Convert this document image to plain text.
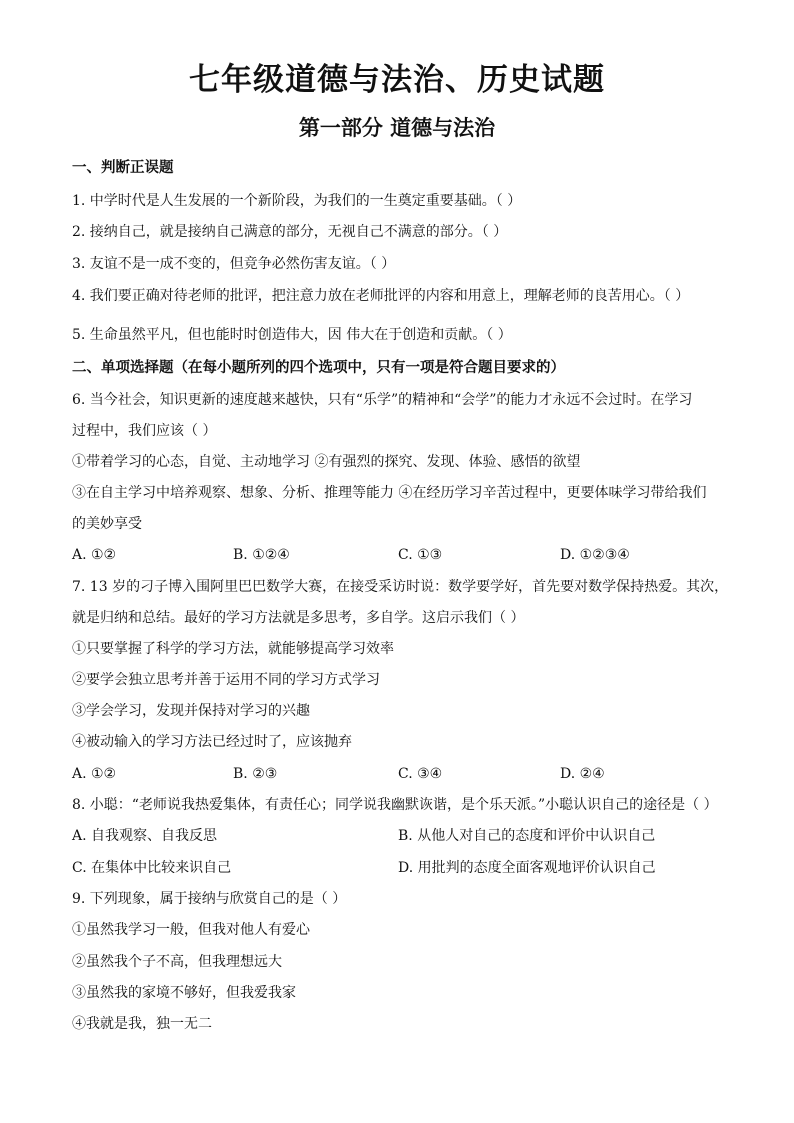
七年级道德与法治、历史试题
第一部分 道德与法治
一、判断正误题
1. 中学时代是人生发展的一个新阶段，为我们的一生奠定重要基础。（ ）
2. 接纳自己，就是接纳自己满意的部分，无视自己不满意的部分。（ ）
3. 友谊不是一成不变的，但竞争必然伤害友谊。（ ）
4. 我们要正确对待老师的批评，把注意力放在老师批评的内容和用意上，理解老师的良苦用心。（ ）
5. 生命虽然平凡，但也能时时创造伟大，因 伟大在于创造和贡献。（ ）
二、单项选择题（在每小题所列的四个选项中，只有一项是符合题目要求的）
6. 当今社会，知识更新的速度越来越快，只有“乐学”的精神和“会学”的能力才永远不会过时。在学习
过程中，我们应该（ ）
①带着学习的心态，自觉、主动地学习 ②有强烈的探究、发现、体验、感悟的欲望
③在自主学习中培养观察、想象、分析、推理等能力 ④在经历学习辛苦过程中，更要体味学习带给我们
的美妙享受
A. ①②	B. ①②④	C. ①③	D. ①②③④
7. 13 岁的刁子博入围阿里巴巴数学大赛，在接受采访时说：数学要学好，首先要对数学保持热爱。其次，
就是归纳和总结。最好的学习方法就是多思考，多自学。这启示我们（ ）
①只要掌握了科学的学习方法，就能够提高学习效率
②要学会独立思考并善于运用不同的学习方式学习
③学会学习，发现并保持对学习的兴趣
④被动输入的学习方法已经过时了，应该抛弃
A. ①②	B. ②③	C. ③④	D. ②④
8. 小聪：“老师说我热爱集体，有责任心；同学说我幽默诙谐，是个乐天派。”小聪认识自己的途径是（ ）
A. 自我观察、自我反思	B. 从他人对自己的态度和评价中认识自己
C. 在集体中比较来识自己	D. 用批判的态度全面客观地评价认识自己
9. 下列现象，属于接纳与欣赏自己的是（ ）
①虽然我学习一般，但我对他人有爱心
②虽然我个子不高，但我理想远大
③虽然我的家境不够好，但我爱我家
④我就是我，独一无二
